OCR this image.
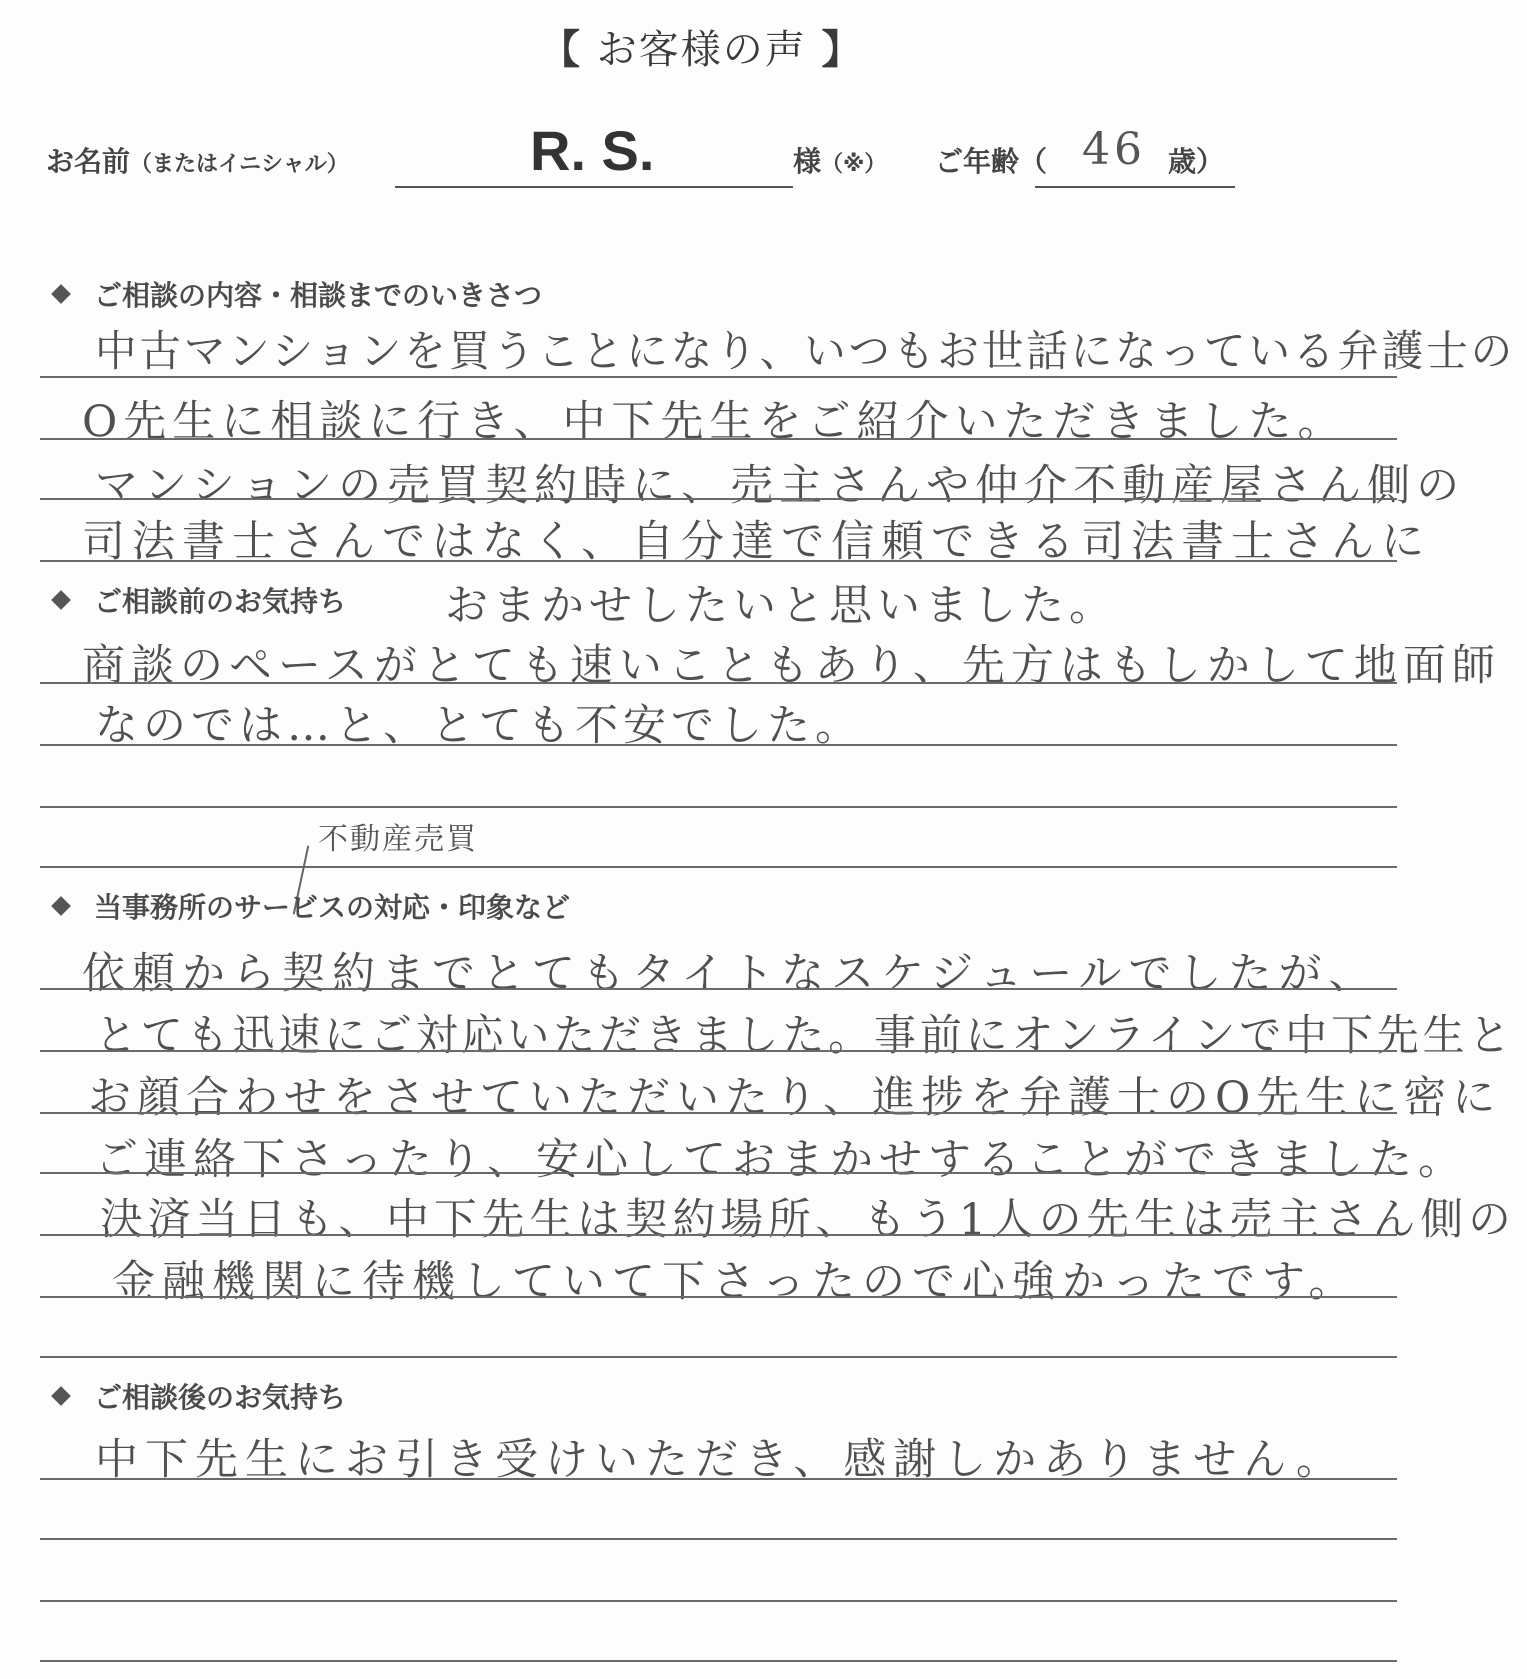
【 お客様の声 】
お名前（またはイニシャル）	R. S.	様（※） ご年齢（ 46 歳）
ご相談の内容・相談までのいきさつ
中古マンションを買うことになり、いつもお世話になっている弁護士の
O先生に相談に行き、中下先生をご紹介いただきました。
マンションの売買契約時に、売主さんや仲介不動産屋さん側の
司法書士さんではなく、自分達で信頼できる司法書士さんに
ご相談前のお気持ち おまかせしたいと思いました。
商談のペースがとても速いこともあり、先方はもしかして地面師
なのでは…と、とても不安でした。
不動産売買
当事務所のサービスの対応・印象など
依頼から契約までとてもタイトなスケジュールでしたが、
とても迅速にご対応いただきました。事前にオンラインで中下先生と
お顔合わせをさせていただいたり、進捗を弁護士のO先生に密に
ご連絡下さったり、安心しておまかせすることができました。
決済当日も、中下先生は契約場所、もう1人の先生は売主さん側の
金融機関に待機していて下さったので心強かったです。
ご相談後のお気持ち
中下先生にお引き受けいただき、感謝しかありません。
